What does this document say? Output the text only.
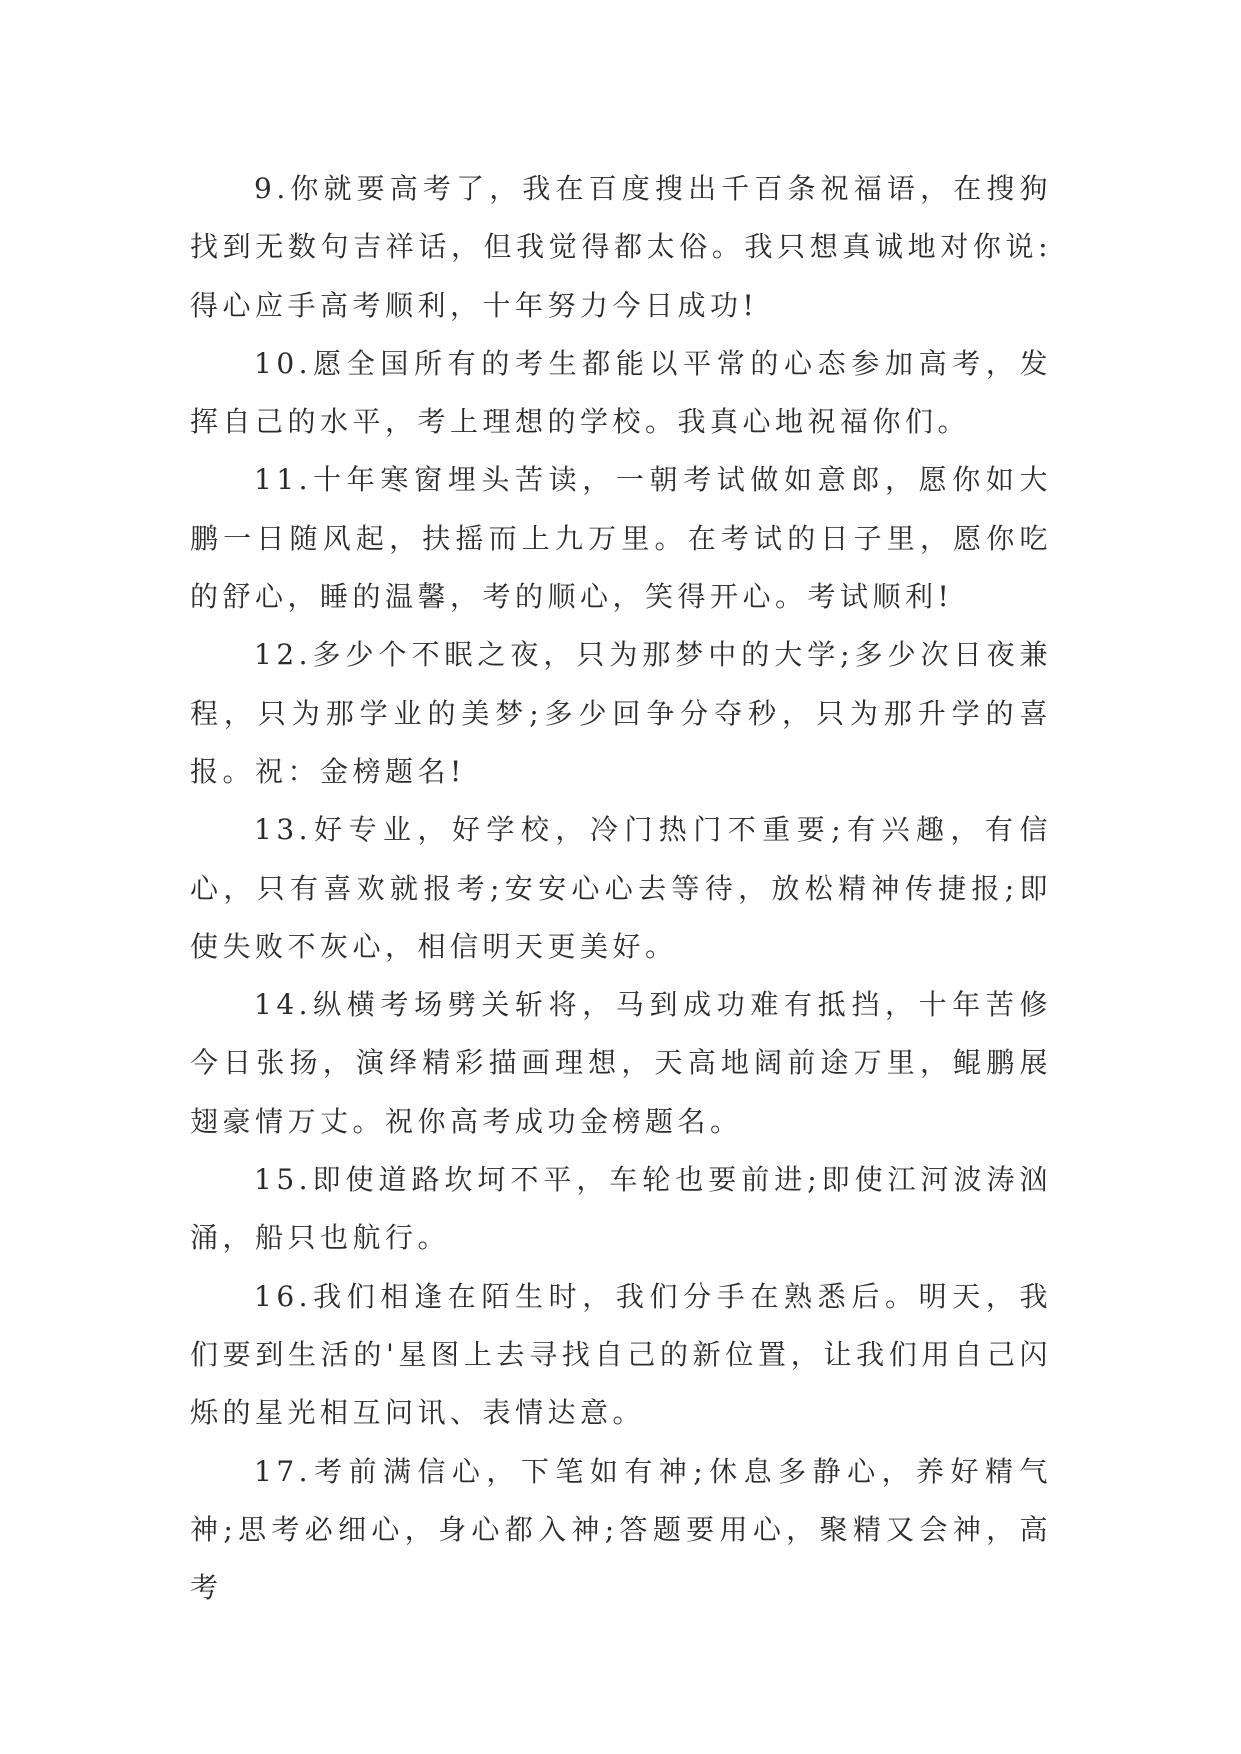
9.你就要高考了，我在百度搜出千百条祝福语，在搜狗找到无数句吉祥话，但我觉得都太俗。我只想真诚地对你说:得心应手高考顺利，十年努力今日成功!

10.愿全国所有的考生都能以平常的心态参加高考，发挥自己的水平，考上理想的学校。我真心地祝福你们。

11.十年寒窗埋头苦读，一朝考试做如意郎，愿你如大鹏一日随风起，扶摇而上九万里。在考试的日子里，愿你吃的舒心，睡的温馨，考的顺心，笑得开心。考试顺利!

12.多少个不眠之夜，只为那梦中的大学;多少次日夜兼程，只为那学业的美梦;多少回争分夺秒，只为那升学的喜报。祝：金榜题名!

13.好专业，好学校，冷门热门不重要;有兴趣，有信心，只有喜欢就报考;安安心心去等待，放松精神传捷报;即使失败不灰心，相信明天更美好。

14.纵横考场劈关斩将，马到成功难有抵挡，十年苦修今日张扬，演绎精彩描画理想，天高地阔前途万里，鲲鹏展翅豪情万丈。祝你高考成功金榜题名。

15.即使道路坎坷不平，车轮也要前进;即使江河波涛汹涌，船只也航行。

16.我们相逢在陌生时，我们分手在熟悉后。明天，我们要到生活的'星图上去寻找自己的新位置，让我们用自己闪烁的星光相互问讯、表情达意。

17.考前满信心，下笔如有神;休息多静心，养好精气神;思考必细心，身心都入神;答题要用心，聚精又会神，高考
